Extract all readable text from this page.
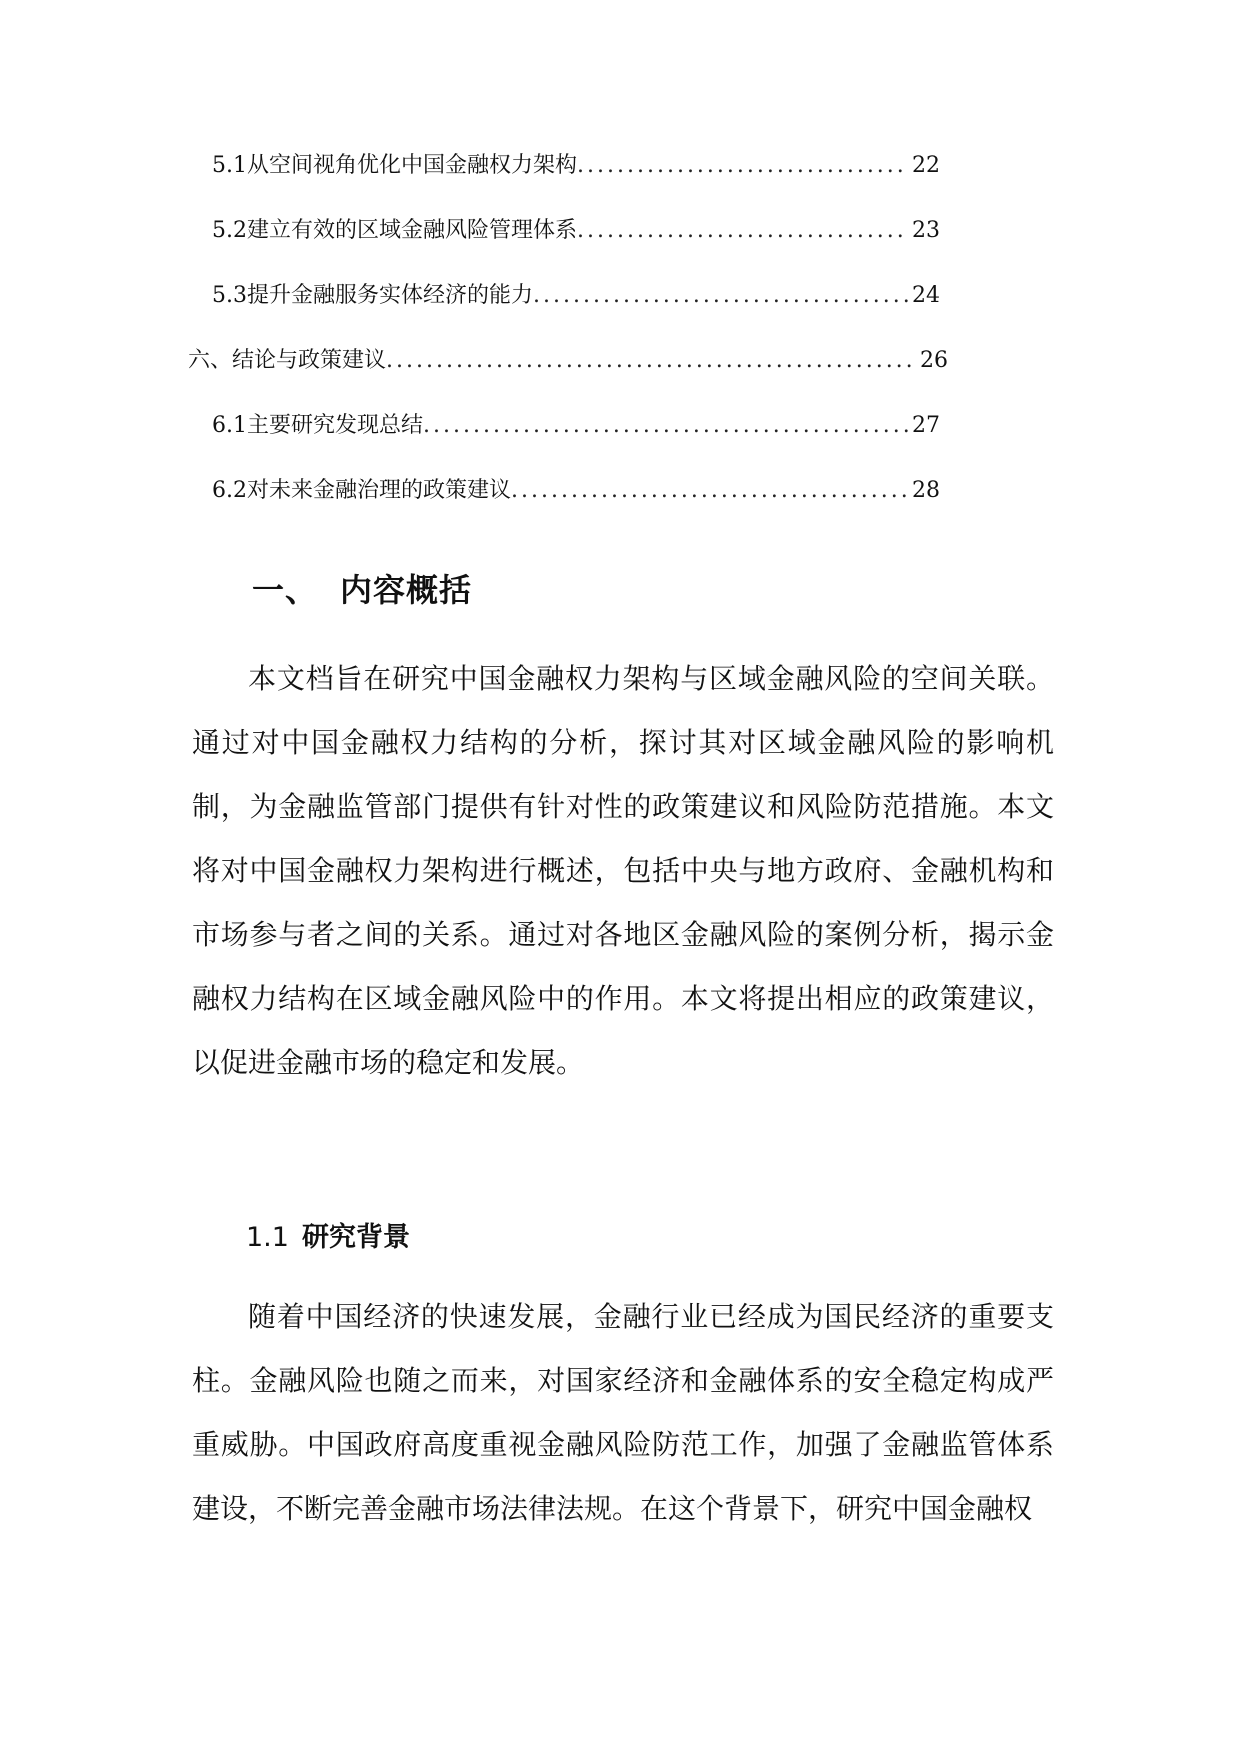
5.1 从空间视角优化中国金融权力架构 .....	22
5.2 建立有效的区域金融风险管理体系 .....	23
5.3 提升金融服务实体经济的能力 .....	24
六、 结论与政策建议 .....	26
6.1 主要研究发现总结 .....	27
6.2 对未来金融治理的政策建议 .....	28
一、 内容概括

本文档旨在研究中国金融权力架构与区域金融风险的空间关联。通过对中国金融权力结构的分析，探讨其对区域金融风险的影响机制，为金融监管部门提供有针对性的政策建议和风险防范措施。本文将对中国金融权力架构进行概述，包括中央与地方政府、金融机构和市场参与者之间的关系。通过对各地区金融风险的案例分析，揭示金融权力结构在区域金融风险中的作用。本文将提出相应的政策建议，以促进金融市场的稳定和发展。

1.1 研究背景

随着中国经济的快速发展，金融行业已经成为国民经济的重要支柱。金融风险也随之而来，对国家经济和金融体系的安全稳定构成严重威胁。中国政府高度重视金融风险防范工作，加强了金融监管体系建设，不断完善金融市场法律法规。在这个背景下，研究中国金融权
